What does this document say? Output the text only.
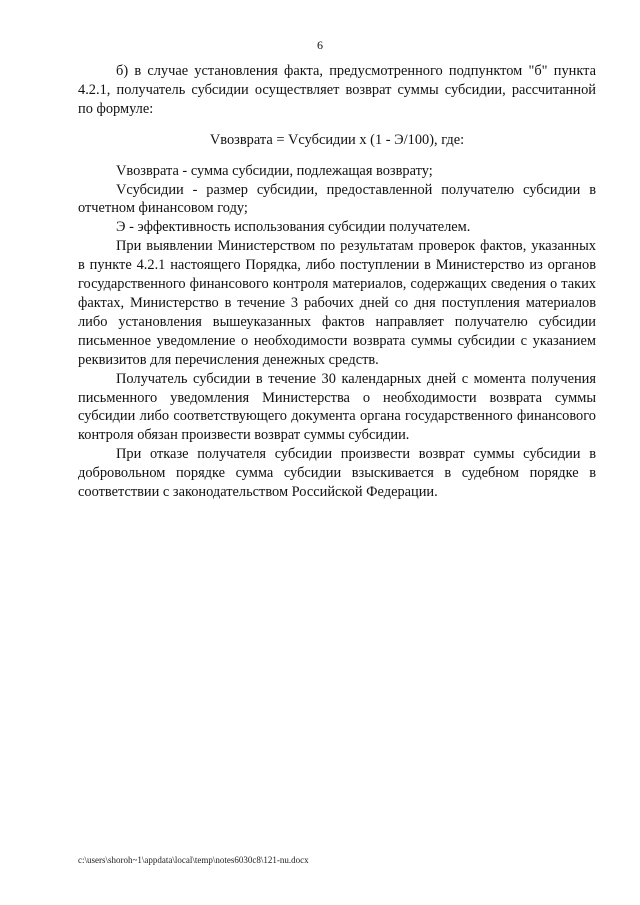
6

б) в случае установления факта, предусмотренного подпунктом "б" пункта 4.2.1, получатель субсидии осуществляет возврат суммы субсидии, рассчитанной по формуле:

Vвозврата = Vсубсидии x (1 - Э/100), где:

Vвозврата - сумма субсидии, подлежащая возврату;

Vсубсидии - размер субсидии, предоставленной получателю субсидии в отчетном финансовом году;

Э - эффективность использования субсидии получателем.

При выявлении Министерством по результатам проверок фактов, указанных в пункте 4.2.1 настоящего Порядка, либо поступлении в Министерство из органов государственного финансового контроля материалов, содержащих сведения о таких фактах, Министерство в течение 3 рабочих дней со дня поступления материалов либо установления вышеуказанных фактов направляет получателю субсидии письменное уведомление о необходимости возврата суммы субсидии с указанием реквизитов для перечисления денежных средств.

Получатель субсидии в течение 30 календарных дней с момента получения письменного уведомления Министерства о необходимости возврата суммы субсидии либо соответствующего документа органа государственного финансового контроля обязан произвести возврат суммы субсидии.

При отказе получателя субсидии произвести возврат суммы субсидии в добровольном порядке сумма субсидии взыскивается в судебном порядке в соответствии с законодательством Российской Федерации.

c:\users\shoroh~1\appdata\local\temp\notes6030c8\121-nu.docx
